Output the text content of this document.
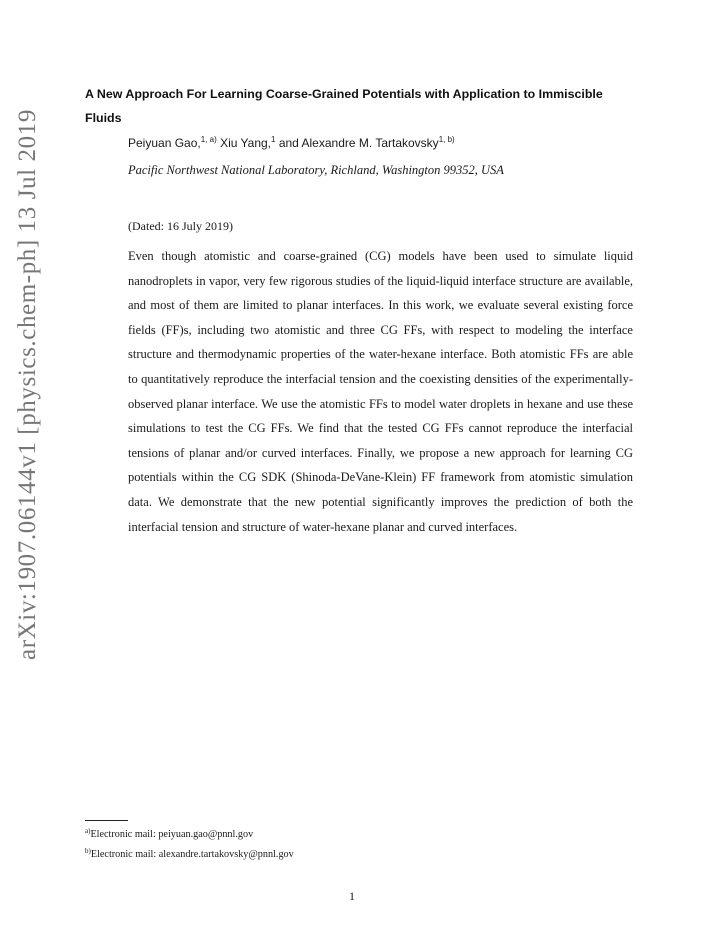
arXiv:1907.06144v1 [physics.chem-ph] 13 Jul 2019
A New Approach For Learning Coarse-Grained Potentials with Application to Immiscible Fluids
Peiyuan Gao,$^{1, a)}$ Xiu Yang,$^1$ and Alexandre M. Tartakovsky$^{1, b)}$
Pacific Northwest National Laboratory, Richland, Washington 99352, USA
(Dated: 16 July 2019)

Even though atomistic and coarse-grained (CG) models have been used to simulate liquid nanodroplets in vapor, very few rigorous studies of the liquid-liquid interface structure are available, and most of them are limited to planar interfaces. In this work, we evaluate several existing force fields (FF)s, including two atomistic and three CG FFs, with respect to modeling the interface structure and thermodynamic properties of the water-hexane interface. Both atomistic FFs are able to quantitatively reproduce the interfacial tension and the coexisting densities of the experimentally-observed planar interface. We use the atomistic FFs to model water droplets in hexane and use these simulations to test the CG FFs. We find that the tested CG FFs cannot reproduce the interfacial tensions of planar and/or curved interfaces. Finally, we propose a new approach for learning CG potentials within the CG SDK (Shinoda-DeVane-Klein) FF framework from atomistic simulation data. We demonstrate that the new potential significantly improves the prediction of both the interfacial tension and structure of water-hexane planar and curved interfaces.

$^{a)}$Electronic mail: peiyuan.gao@pnnl.gov
$^{b)}$Electronic mail: alexandre.tartakovsky@pnnl.gov
1
